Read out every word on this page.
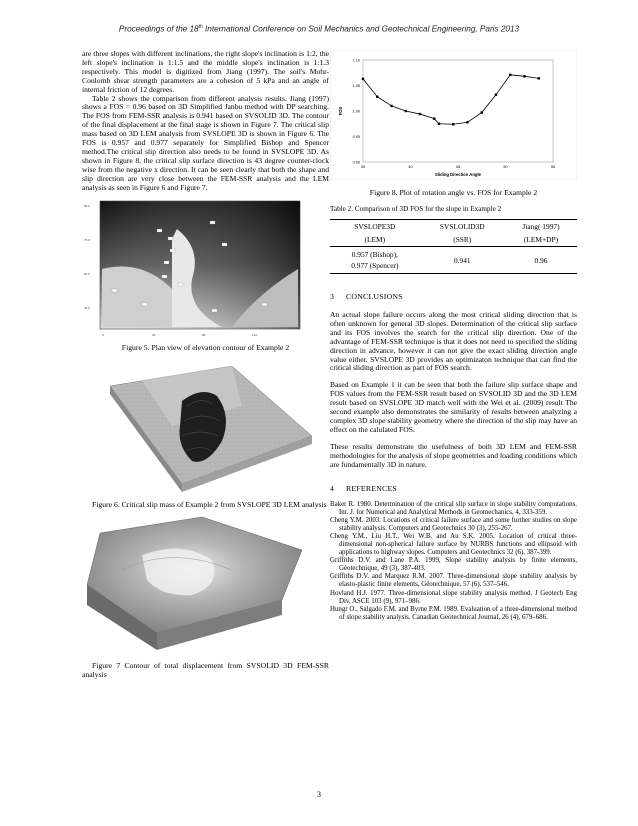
Proceedings of the 18th International Conference on Soil Mechanics and Geotechnical Engineering, Paris 2013

are three slopes with different inclinations, the right slope's inclination is 1:2, the left slope's inclination is 1:1.5 and the middle slope's inclination is 1:1.3 respectively. This model is digitized from Jiang (1997). The soil's Mohr-Coulomb shear strength parameters are a cohesion of 5 kPa and an angle of internal friction of 12 degrees.

Table 2 shows the comparison from different analysis results. Jiang (1997) shows a FOS = 0.96 based on 3D Simplified Janbu method with DP searching. The FOS from FEM-SSR analysis is 0.941 based on SVSOLID 3D. The contour of the final displacement at the final stage is shown in Figure 7. The critical slip mass based on 3D LEM analysis from SVSLOPE 3D is shown in Figure 6. The FOS is 0.957 and 0.977 separately for Simplified Bishop and Spencer method.The critical slip direction also needs to be found in SVSLOPE 3D. As shown in Figure 8, the critical slip surface direction is 43 degree counter-clock wise from the negative x direction. It can be seen clearly that both the shape and slip direction are very close between the FEM-SSR analysis and the LEM analysis as seen in Figure 6 and Figure 7.

90.0
75.0
60.0
45.0
0	40	80	120

Figure 5. Plan view of elevation contour of Example 2

Figure 6. Critical slip mass of Example 2 from SVSLOPE 3D LEM analysis

Figure 7 Contour of total displacement from SVSOLID 3D FEM-SSR analysis

35	40	45	50	55
0.90
0.95
1.00
1.05
1.10
Sliding Direction Angle
FOS

Figure 8. Plot of rotation angle vs. FOS for Example 2

Table 2. Comparison of 3D FOS for the slope in Example 2

SVSLOPE3D	SVSLOLID3D	Jiang( 1997)
(LEM)	(SSR)	(LEM+DP)
0.957 (Bishop),
0.977 (Spencer)	0.941	0.96
3 CONCLUSIONS

An actual slope failure occurs along the most critical sliding direction that is often unknown for general 3D slopes. Determination of the critical slip surface and its FOS involves the search for the critical slip direction. One of the advantage of FEM-SSR technique is that it does not need to specified the sliding direction in advance, however it can not give the exact sliding direction angle value either. SVSLOPE 3D provides an optimizaton technique that can find the critical sliding direction as part of FOS search.

Based on Example 1 it can be seen that both the failure slip surface shape and FOS values from the FEM-SSR result based on SVSOLID 3D and the 3D LEM result based on SVSLOPE 3D match well with the Wei et al. (2009) result The second example also demonstrates the similarity of results between analyzing a complex 3D slope stability geometry where the direction of the slip may have an effect on the calulated FOS.

These results demonstrate the usefulness of both 3D LEM and FEM-SSR methodologies for the analysis of slope geometries and loading conditions which are fundamentally 3D in nature.

4 REFERENCES

Baker R. 1980. Determination of the critical slip surface in slope stability computations. Int. J. for Numerical and Analytical Methods in Geomechanics, 4, 333-359.

Cheng Y.M. 2003. Locations of critical failure surface and some further studies on slope stability analysis. Computers and Geotechnics 30 (3), 255-267.

Cheng Y.M., Liu H.T., Wei W.B. and Au S.K. 2005. Location of critical three-dimensional non-spherical failure surface by NURBS functions and ellipsoid with applications to highway slopes. Computers and Geotechnics 32 (6), 387-399.

Griffiths D.V. and Lane P.A. 1999, Slope stability analysis by finite elements, Géotechnique, 49 (3), 387-403.

Griffiths D.V. and Marquez R.M. 2007. Three-dimensional slope stability analysis by elasto-plastic finite elements, Géotechnique, 57 (6), 537–546.

Hovland H.J. 1977. Three-dimensional slope stability analysis method. J Geotech Eng Div, ASCE 103 (9), 971–986.

Hungr O., Salgado F.M. and Byrne P.M. 1989. Evaluation of a three-dimensional method of slope stability analysis. Canadian Geotechnical Journal, 26 (4), 679–686.

3
